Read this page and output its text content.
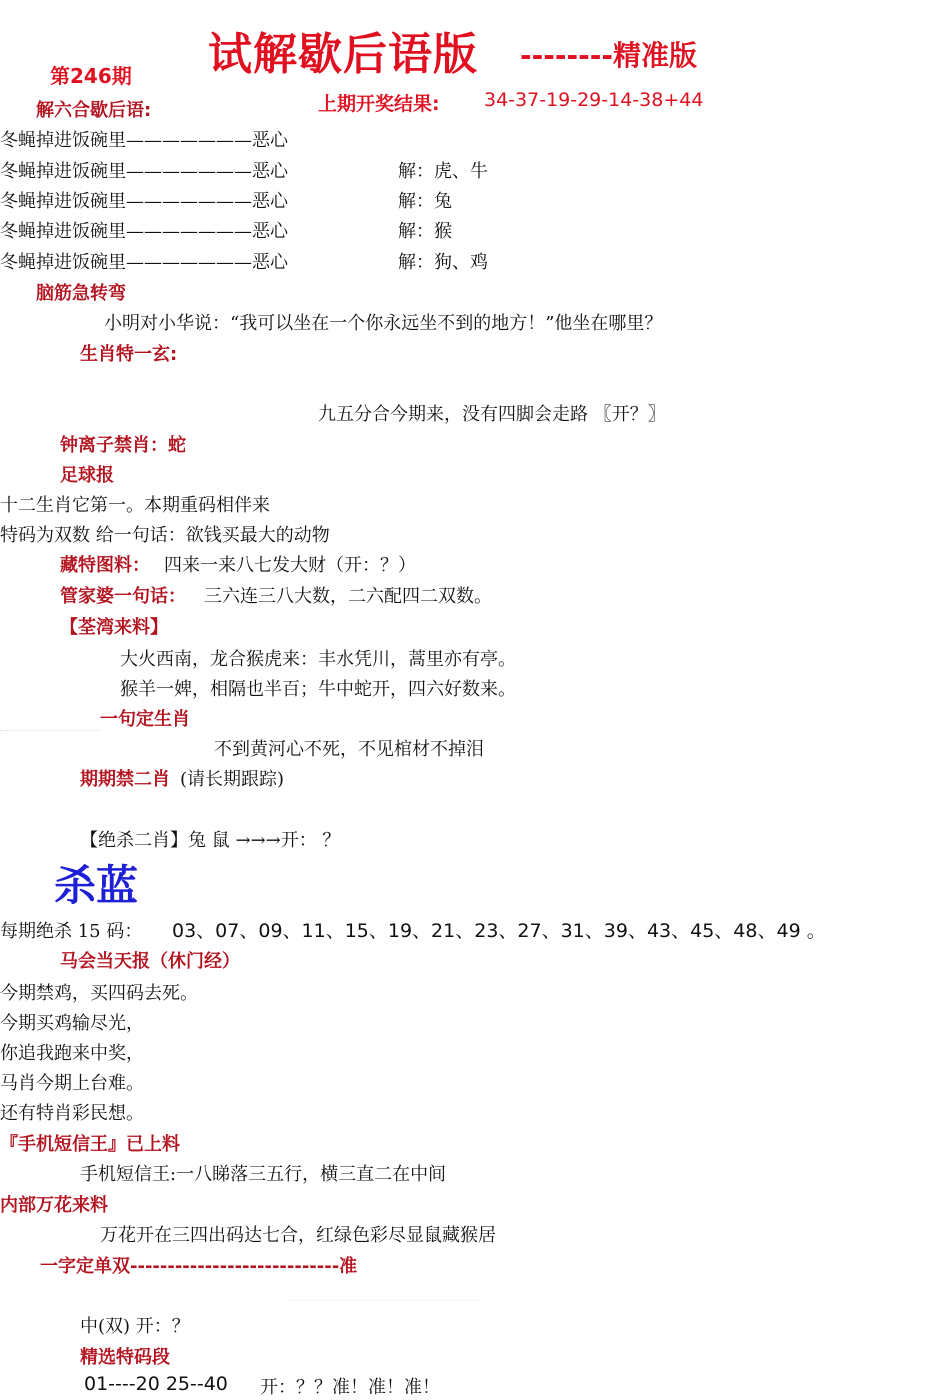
试解歇后语版 --------精准版
第246期
上期开奖结果: 34-37-19-29-14-38+44
解六合歇后语:
冬蝇掉进饭碗里———————恶心
冬蝇掉进饭碗里———————恶心	解：虎、牛
冬蝇掉进饭碗里———————恶心	解：兔
冬蝇掉进饭碗里———————恶心	解：猴
冬蝇掉进饭碗里———————恶心	解：狗、鸡
脑筋急转弯
小明对小华说：“我可以坐在一个你永远坐不到的地方！”他坐在哪里？
生肖特一玄:
九五分合今期来，没有四脚会走路 〖开？〗
钟离子禁肖：蛇
足球报
十二生肖它第一。本期重码相伴来
特码为双数 给一句话：欲钱买最大的动物
藏特图料： 四来一来八七发大财（开：？）
管家婆一句话： 三六连三八大数，二六配四二双数。
【荃湾来料】
大火西南，龙合猴虎来：丰水凭川，蒿里亦有亭。
猴羊一婢，相隔也半百；牛中蛇开，四六好数来。
一句定生肖
不到黄河心不死，不见棺材不掉泪
期期禁二肖 (请长期跟踪)
【绝杀二肖】兔 鼠 →→→开： ？
杀蓝
每期绝杀 15 码： 03、07、09、11、15、19、21、23、27、31、39、43、45、48、49 。
马会当天报（休门经）
今期禁鸡，买四码去死。
今期买鸡输尽光，
你追我跑来中奖，
马肖今期上台难。
还有特肖彩民想。
『手机短信王』已上料
手机短信王:一八睇落三五行，横三直二在中间
内部万花来料
万花开在三四出码达七合，红绿色彩尽显鼠藏猴居
一字定单双----------------------------准
中(双) 开：？
精选特码段
01----20 25--40 开：？？准！准！准！
